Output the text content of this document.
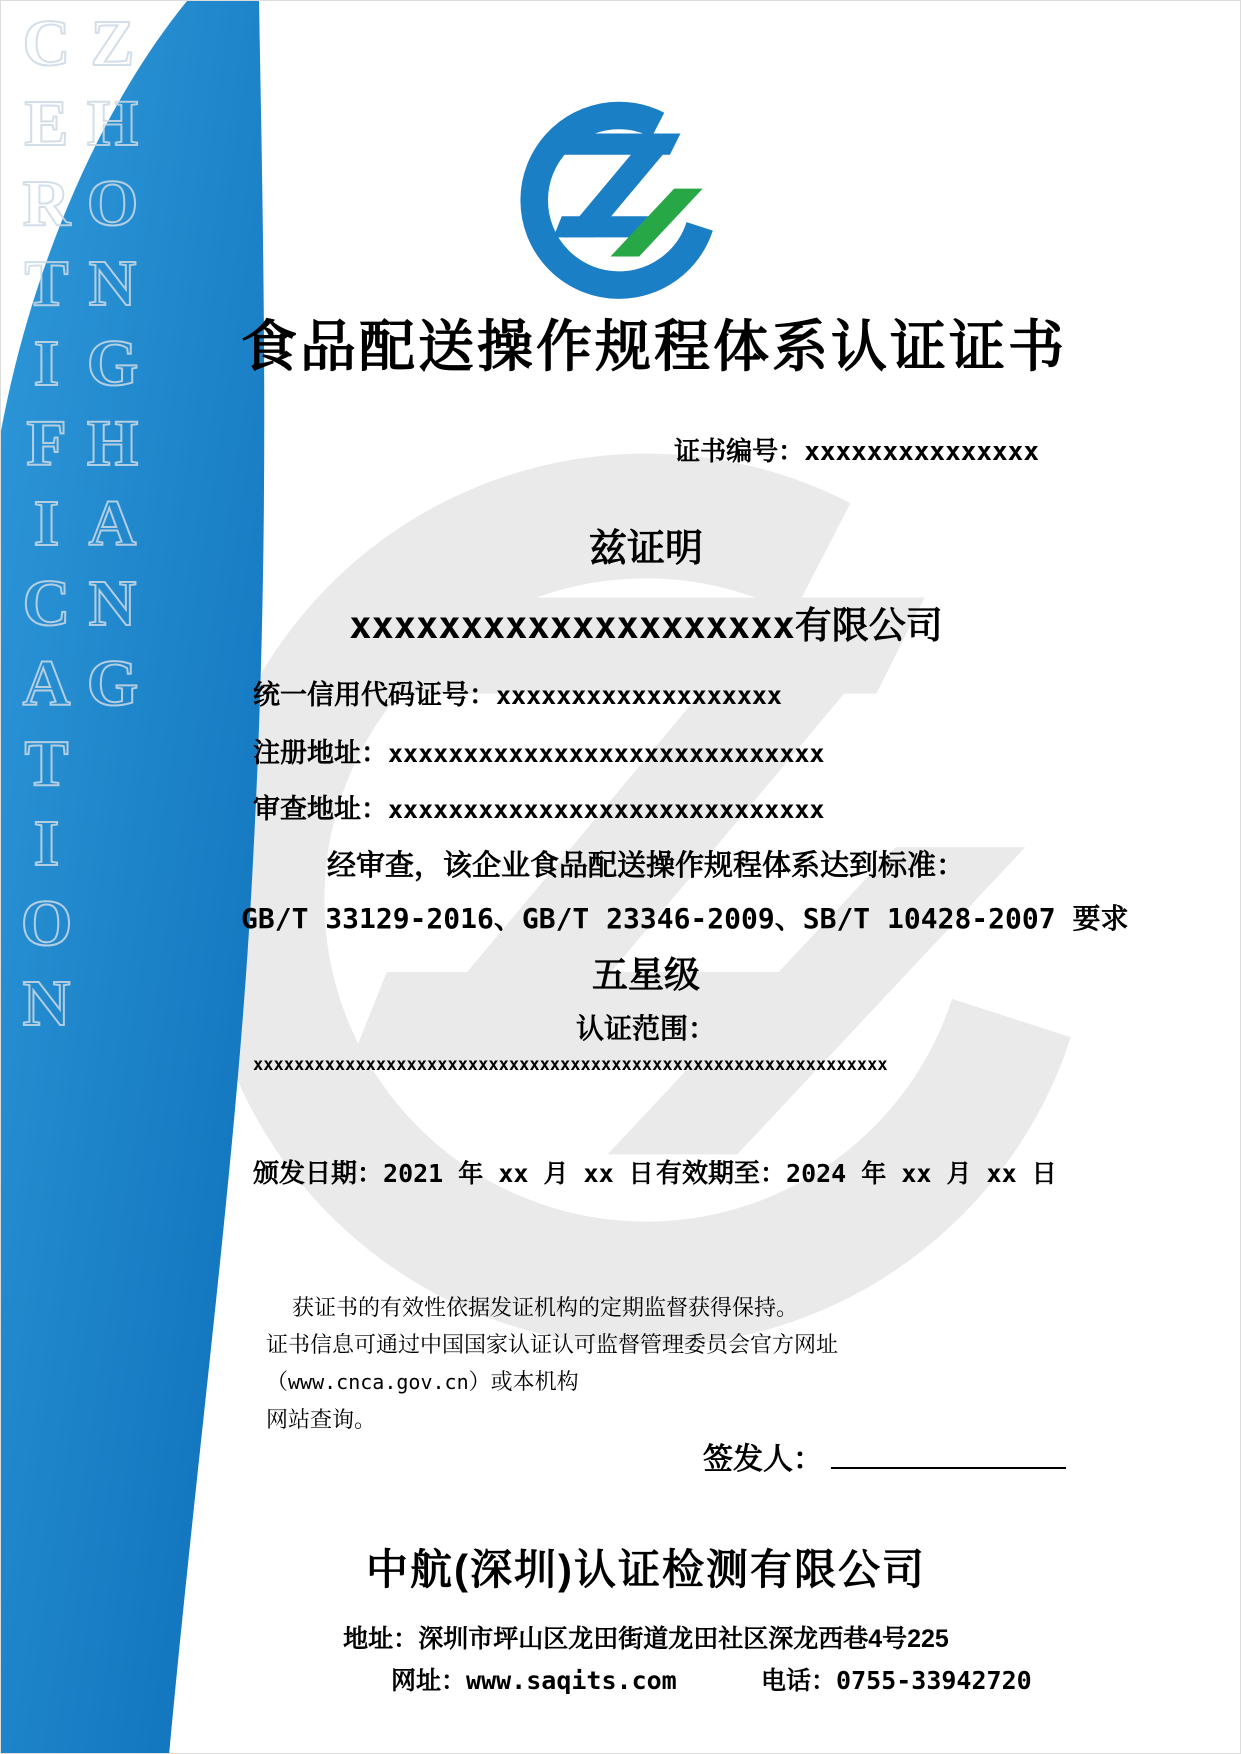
ZHONGHANG CERTIFICATION	食品配送操作规程体系认证证书
证书编号：xxxxxxxxxxxxxxx
兹证明
xxxxxxxxxxxxxxxxxxxx有限公司
统一信用代码证号：xxxxxxxxxxxxxxxxxxx
注册地址：xxxxxxxxxxxxxxxxxxxxxxxxxxxxx
审查地址：xxxxxxxxxxxxxxxxxxxxxxxxxxxxx
经审查，该企业食品配送操作规程体系达到标准：
GB/T 33129-2016、GB/T 23346-2009、SB/T 10428-2007 要求
五星级
认证范围：
xxxxxxxxxxxxxxxxxxxxxxxxxxxxxxxxxxxxxxxxxxxxxxxxxxxxxxxxxxxxxx
颁发日期：2021 年 xx 月 xx 日 有效期至：2024 年 xx 月 xx 日
获证书的有效性依据发证机构的定期监督获得保持。
证书信息可通过中国国家认证认可监督管理委员会官方网址（www.cnca.gov.cn）或本机构
网站查询。
签发人：
中航(深圳)认证检测有限公司
地址：深圳市坪山区龙田街道龙田社区深龙西巷4号225
网址：www.saqits.com	电话：0755-33942720
